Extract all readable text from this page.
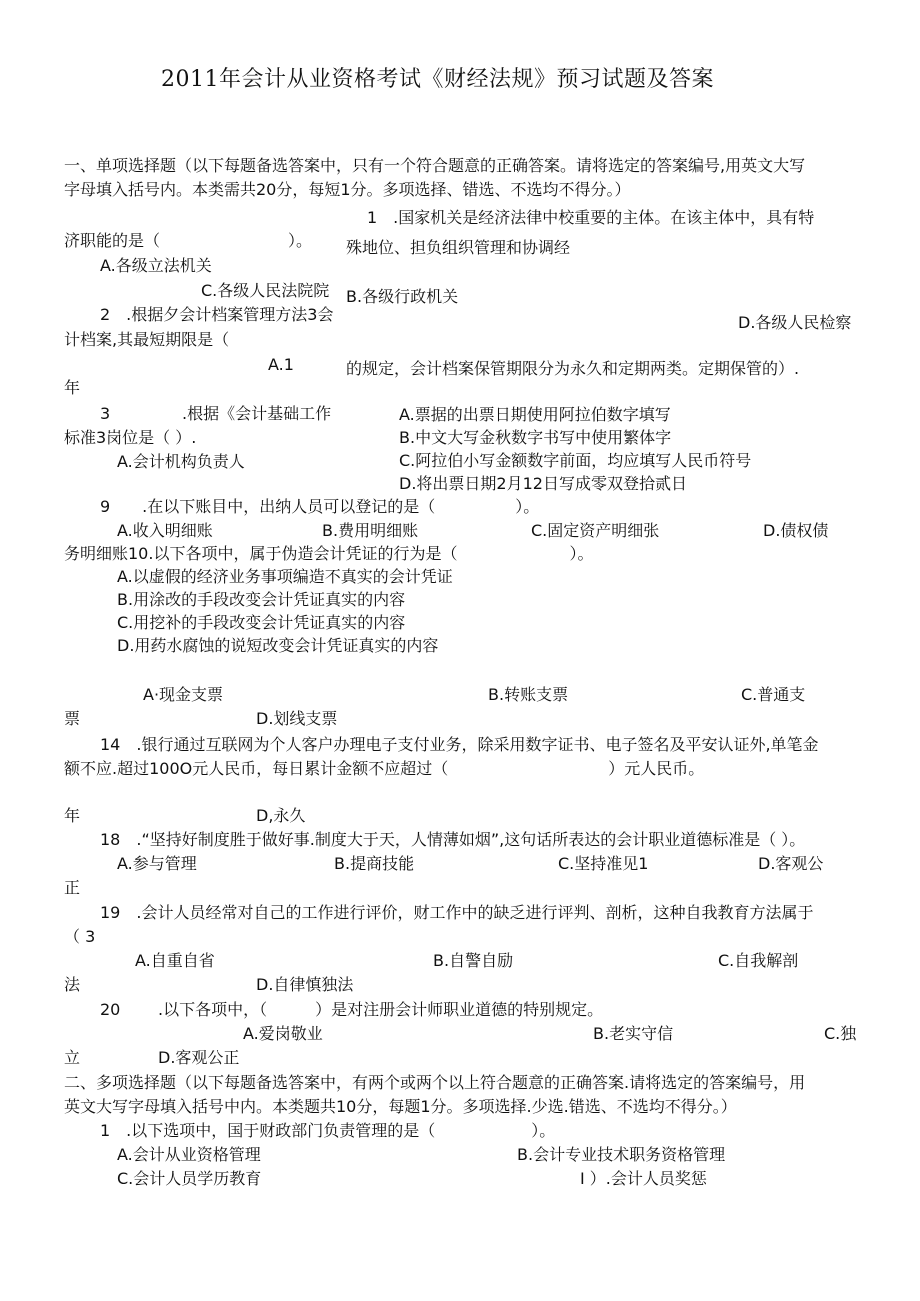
2011年会计从业资格考试《财经法规》预习试题及答案
一、单项选择题（以下每题备选答案中，只有一个符合题意的正确答案。请将选定的答案编号,用英文大写
字母填入括号内。本类需共20分，每短1分。多项选择、错选、不选均不得分。）
1　.国家机关是经济法律中校重要的主体。在该主体中，具有特
济职能的是（　　　　　　　　）。 殊地位、担负组织管理和协调经
A.各级立法机关
C.各级人民法院院 B.各级行政机关
2　.根据夕会计档案管理方法3会	D.各级人民检察
计档案,其最短期限是（
A.1	的规定，会计档案保管期限分为永久和定期两类。定期保管的）.
年
3	.根据《会计基础工作	A.票据的出票日期使用阿拉伯数字填写
标准3岗位是（ ）.	B.中文大写金秋数字书写中使用繁体字
A.会计机构负责人	C.阿拉伯小写金额数字前面，均应填写人民币符号
D.将出票日期2月12日写成零双登拾贰日
9　　.在以下账目中，出纳人员可以登记的是（　　　　　）。
A.收入明细账	B.费用明细账	C.固定资产明细张	D.债权债
务明细账10.以下各项中，属于伪造会计凭证的行为是（　　　　　　　）。
A.以虚假的经济业务事项编造不真实的会计凭证
B.用涂改的手段改变会计凭证真实的内容
C.用挖补的手段改变会计凭证真实的内容
D.用药水腐蚀的说短改变会计凭证真实的内容
A·现金支票	B.转账支票	C.普通支
票	D.划线支票
14　.银行通过互联网为个人客户办理电子支付业务，除采用数字证书、电子签名及平安认证外,单笔金
额不应.超过100O元人民币，每日累计金额不应超过（　　　　　　　　　　）元人民币。
年	D,永久
18　.“坚持好制度胜于做好事.制度大于天，人情薄如烟”,这句话所表达的会计职业道德标准是（ ）。
A.参与管理	B.提商技能	C.坚持准见1	D.客观公
正
19　.会计人员经常对自己的工作进行评价，财工作中的缺乏进行评判、剖析，这种自我教育方法属于
（ 3
A.自重自省	B.自警自励	C.自我解剖
法	D.自律慎独法
20 .以下各项中，（　　　）是对注册会计师职业道德的特别规定。
A.爱岗敬业	B.老实守信	C.独
立	D.客观公正
二、多项选择题（以下每题备选答案中，有两个或两个以上符合题意的正确答案.请将选定的答案编号，用
英文大写字母填入括号中内。本类题共10分，每题1分。多项选择.少选.错选、不选均不得分。）
1　.以下选项中，国于财政部门负责管理的是（　　　　　　）。
A.会计从业资格管理	B.会计专业技术职务资格管理
C.会计人员学历教育	I ）.会计人员奖惩
